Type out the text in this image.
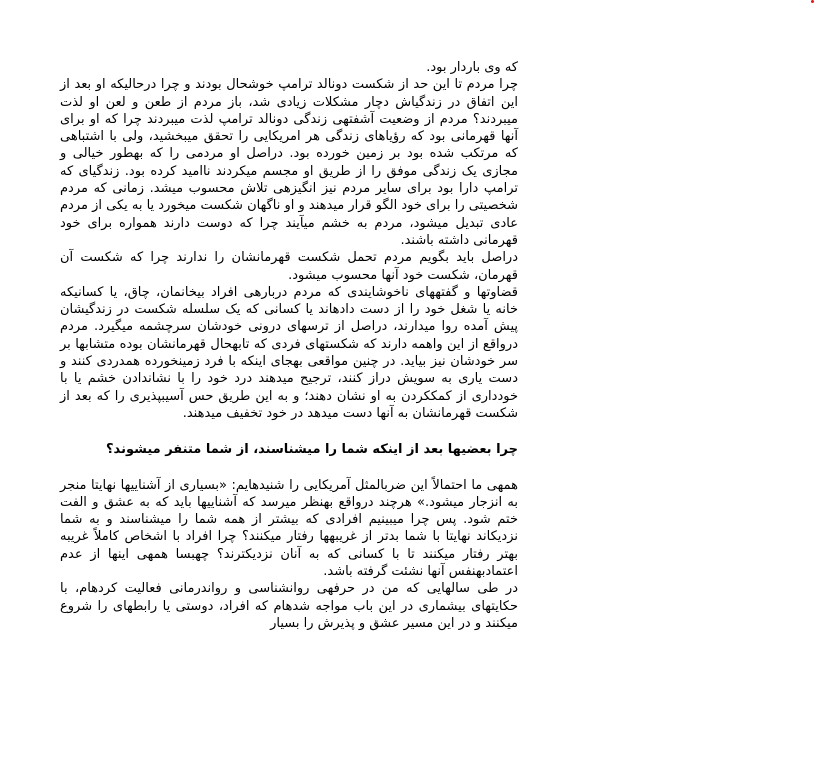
که وی باردار بود.

چرا مردم تا این حد از شکست دونالد ترامپ خوشحال بودند و چرا درحالیکه او بعد از این اتفاق در زندگیاش دچار مشکلات زیادی شد، باز مردم از طعن و لعن او لذت میبردند؟ مردم از وضعیت آشفتهی زندگی دونالد ترامپ لذت میبردند چرا که او برای آنها قهرمانی بود که رؤیاهای زندگی هر امریکایی را تحقق میبخشید، ولی با اشتباهی که مرتکب شده بود بر زمین خورده بود. دراصل او مردمی را که بهطور خیالی و مجازی یک زندگی موفق را از طریق او مجسم میکردند ناامید کرده بود. زندگیای که ترامپ دارا بود برای سایر مردم نیز انگیزهی تلاش محسوب میشد. زمانی که مردم شخصیتی را برای خود الگو قرار میدهند و او ناگهان شکست میخورد یا به یکی از مردم عادی تبدیل میشود، مردم به خشم میآیند چرا که دوست دارند همواره برای خود قهرمانی داشته باشند.

دراصل باید بگویم مردم تحمل شکست قهرمانشان را ندارند چرا که شکست آن قهرمان، شکست خود آنها محسوب میشود.

قضاوتها و گفتههای ناخوشایندی که مردم دربارهی افراد بیخانمان، چاق، یا کسانیکه خانه یا شغل خود را از دست دادهاند یا کسانی که یک سلسله شکست در زندگیشان پیش آمده روا میدارند، دراصل از ترسهای درونی خودشان سرچشمه میگیرد. مردم درواقع از این واهمه دارند که شکستهای فردی که تابهحال قهرمانشان بوده متشابها بر سر خودشان نیز بیاید. در چنین مواقعی بهجای اینکه با فرد زمینخورده همدردی کنند و دست یاری به سویش دراز کنند، ترجیح میدهند درد خود را با نشاندادن خشم یا با خودداری از کمککردن به او نشان دهند؛ و به این طریق حس آسیبپذیری را که بعد از شکست قهرمانشان به آنها دست میدهد در خود تخفیف میدهند.

چرا بعضیها بعد از اینکه شما را میشناسند، از شما متنفر میشوند؟

همهی ما احتمالاً این ضربالمثل آمریکایی را شنیدهایم: «بسیاری از آشناییها نهایتا منجر به انزجار میشود.» هرچند درواقع بهنظر میرسد که آشناییها باید که به عشق و الفت ختم شود. پس چرا میبینیم افرادی که بیشتر از همه شما را میشناسند و به شما نزدیکاند نهایتا با شما بدتر از غریبهها رفتار میکنند؟ چرا افراد با اشخاص کاملاً غریبه بهتر رفتار میکنند تا با کسانی که به آنان نزدیکترند؟ چهبسا همهی اینها از عدم اعتمادبهنفس آنها نشئت گرفته باشد.

در طی سالهایی که من در حرفهی روانشناسی و رواندرمانی فعالیت کردهام، با حکایتهای بیشماری در این باب مواجه شدهام که افراد، دوستی یا رابطهای را شروع میکنند و در این مسیر عشق و پذیرش را بسیار
